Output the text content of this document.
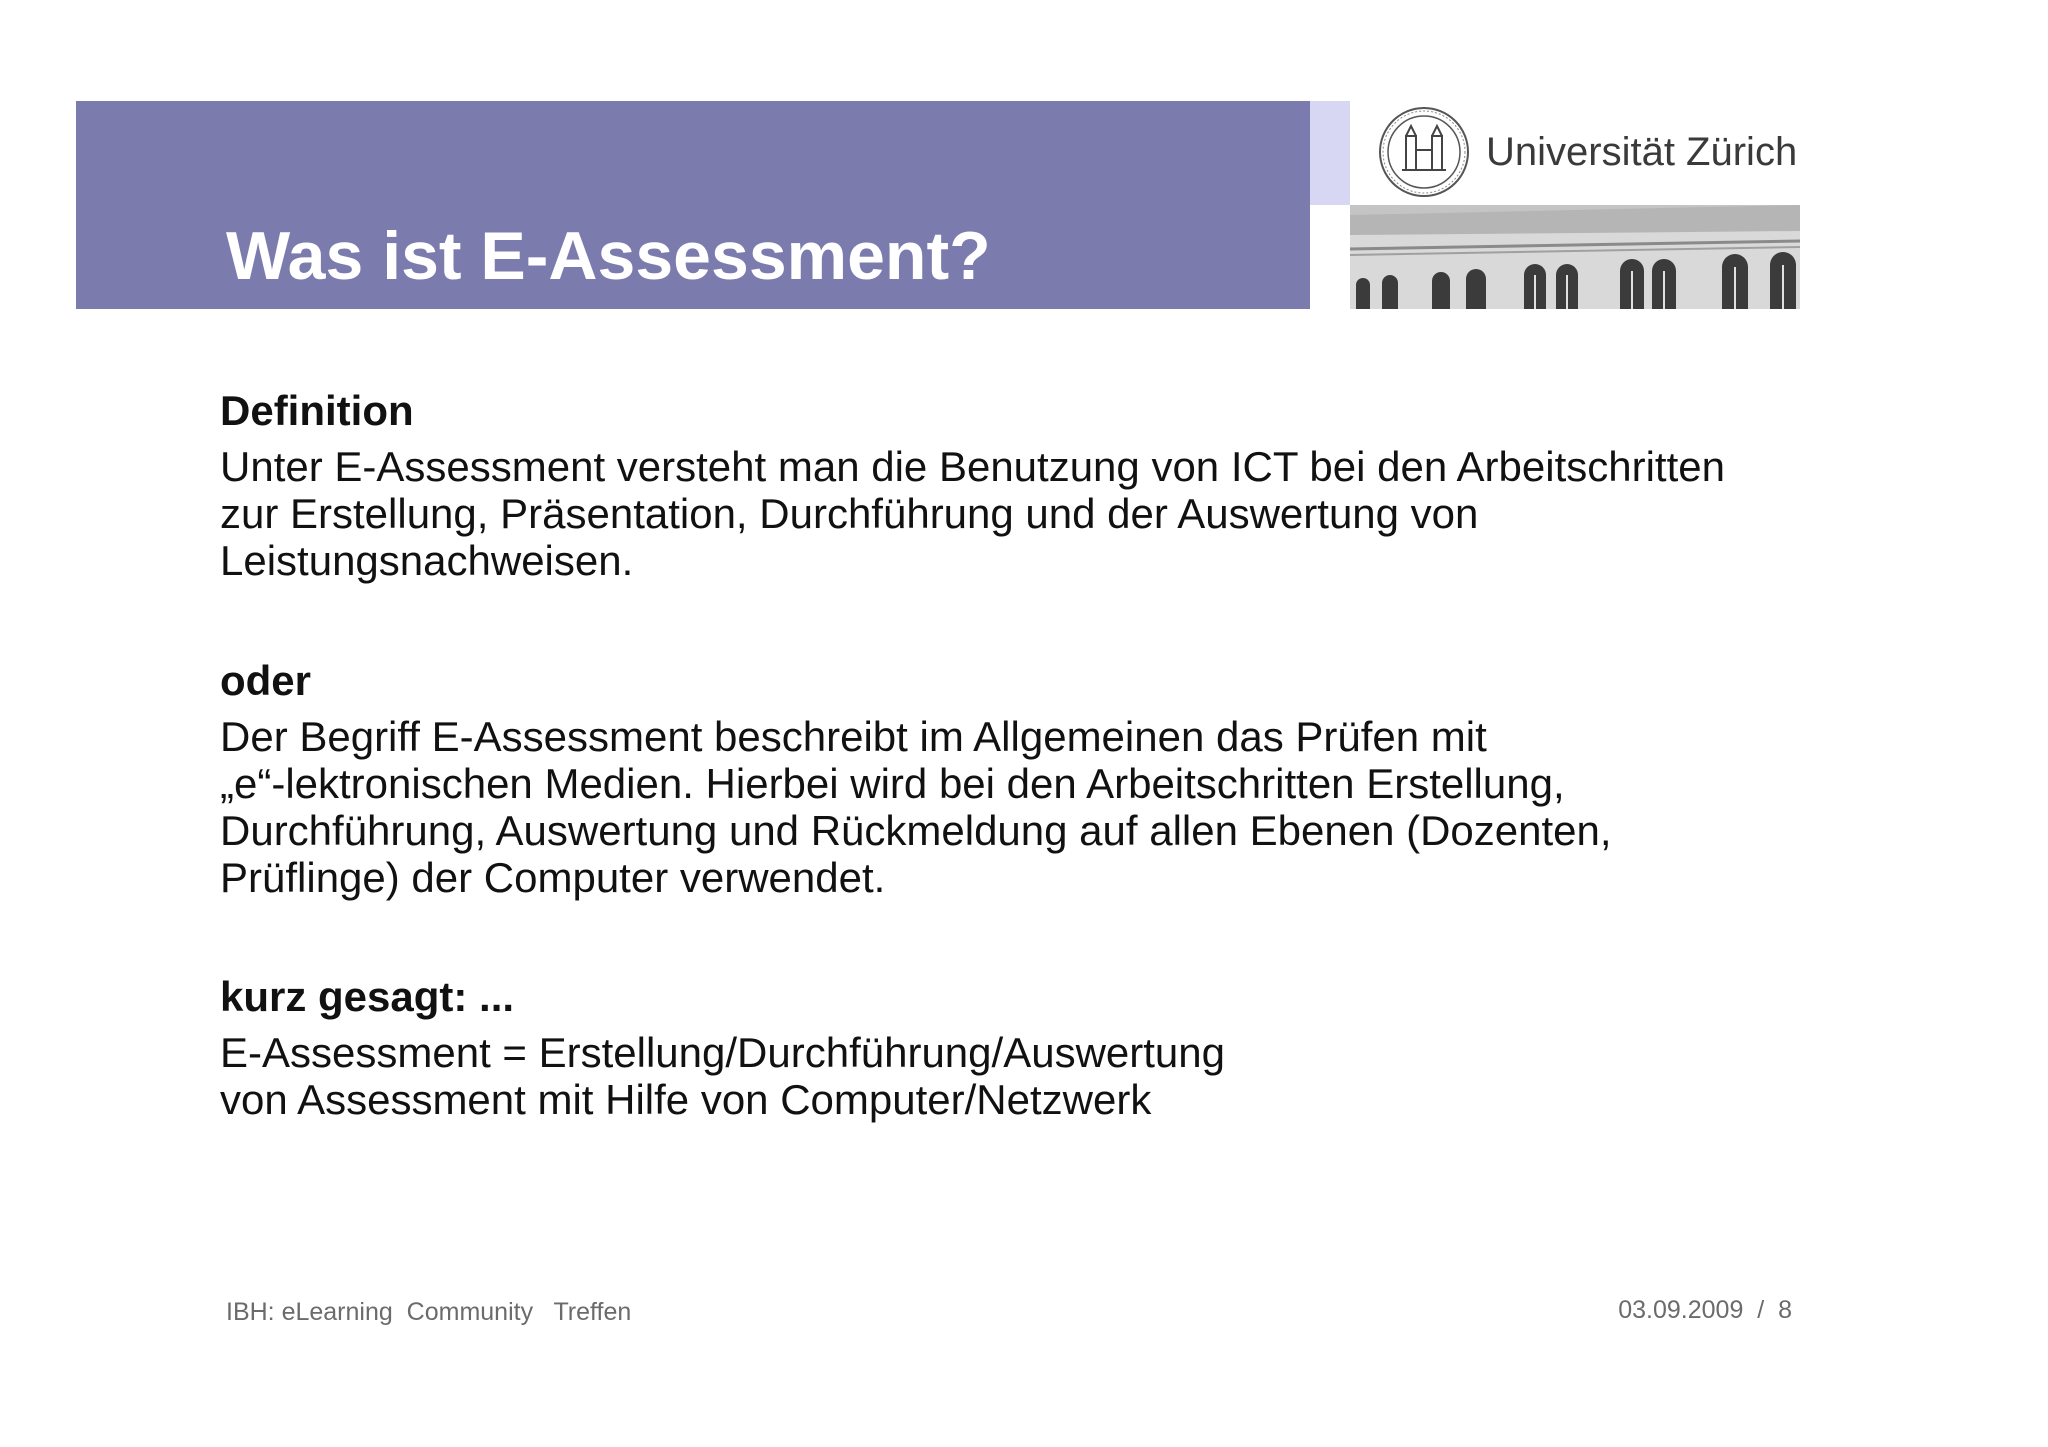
Was ist E-Assessment?
Universität Zürich
Definition
Unter E-Assessment versteht man die Benutzung von ICT bei den Arbeitschritten
zur Erstellung, Präsentation, Durchführung und der Auswertung von
Leistungsnachweisen.
oder
Der Begriff E-Assessment beschreibt im Allgemeinen das Prüfen mit
„e“-lektronischen Medien. Hierbei wird bei den Arbeitschritten Erstellung,
Durchführung, Auswertung und Rückmeldung auf allen Ebenen (Dozenten,
Prüflinge) der Computer verwendet.
kurz gesagt: ...
E-Assessment = Erstellung/Durchführung/Auswertung
von Assessment mit Hilfe von Computer/Netzwerk
IBH: eLearning  Community   Treffen	03.09.2009  /  8
